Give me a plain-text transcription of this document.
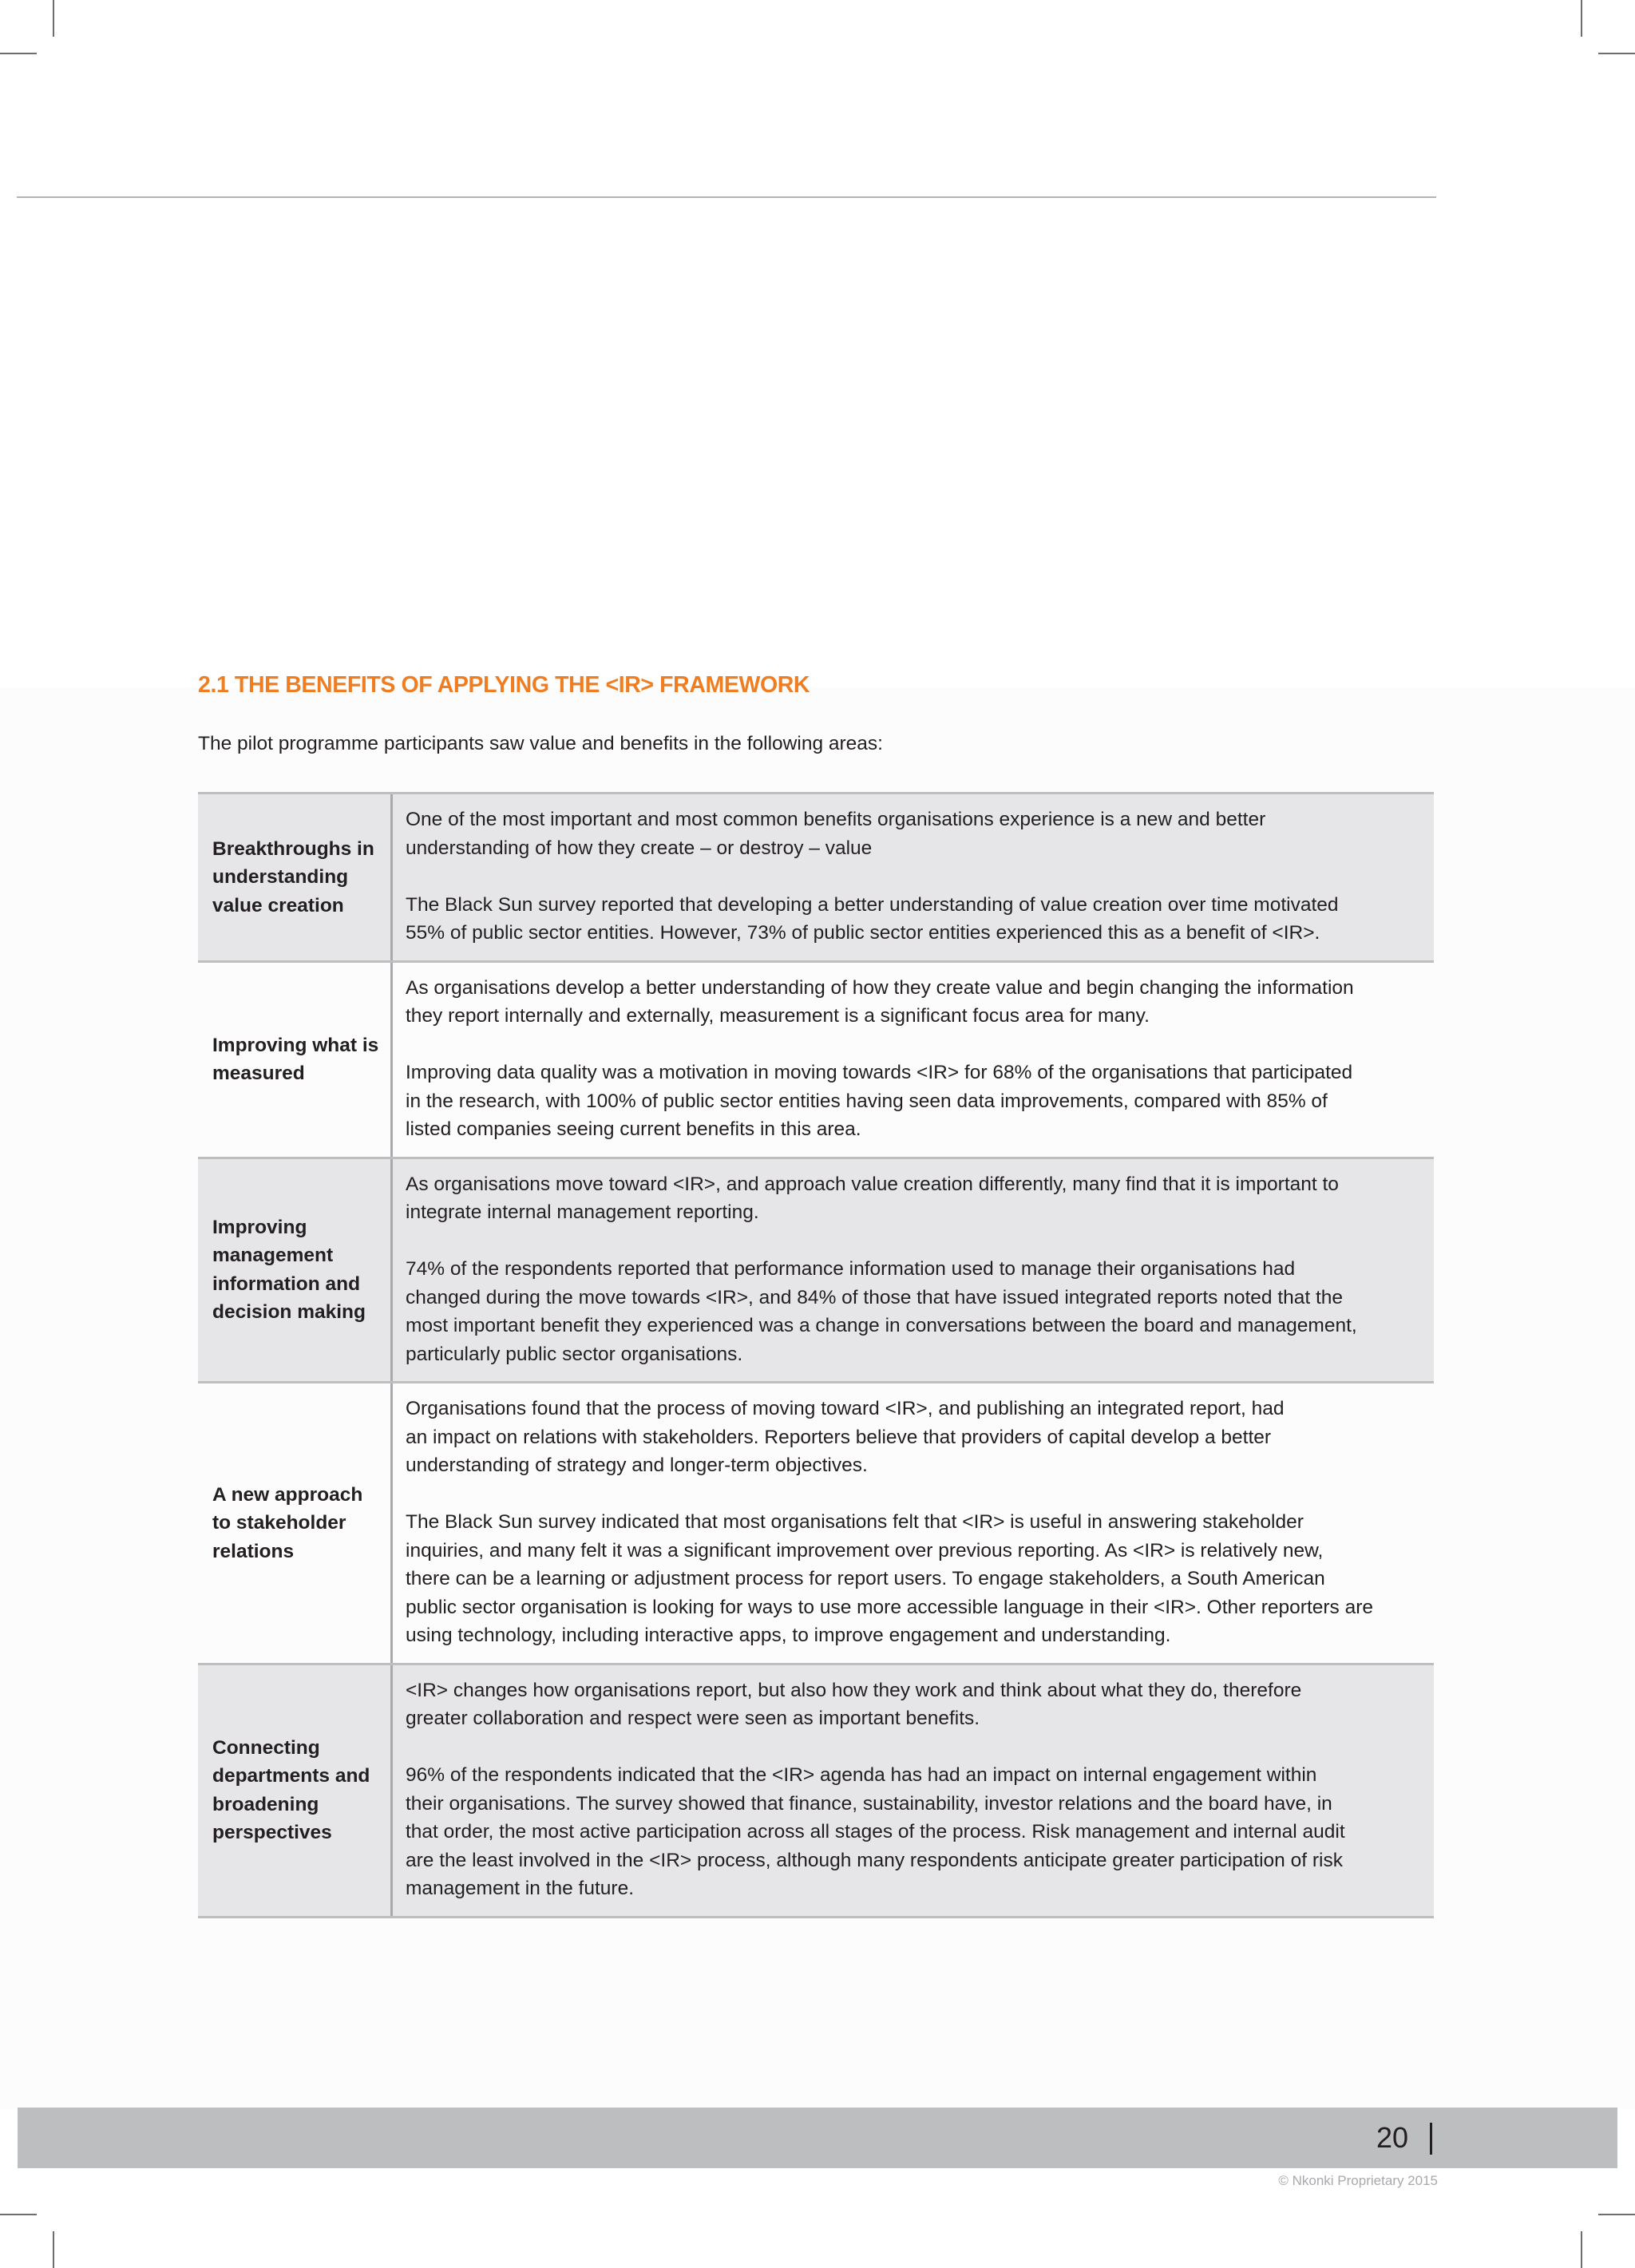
2.1 THE BENEFITS OF APPLYING THE <IR> FRAMEWORK

The pilot programme participants saw value and benefits in the following areas:

Breakthroughs in understanding value creation

One of the most important and most common benefits organisations experience is a new and better
understanding of how they create – or destroy – value

The Black Sun survey reported that developing a better understanding of value creation over time motivated
55% of public sector entities. However, 73% of public sector entities experienced this as a benefit of <IR>.

Improving what is measured

As organisations develop a better understanding of how they create value and begin changing the information
they report internally and externally, measurement is a significant focus area for many.

Improving data quality was a motivation in moving towards <IR> for 68% of the organisations that participated
in the research, with 100% of public sector entities having seen data improvements, compared with 85% of
listed companies seeing current benefits in this area.

Improving management information and decision making

As organisations move toward <IR>, and approach value creation differently, many find that it is important to
integrate internal management reporting.

74% of the respondents reported that performance information used to manage their organisations had
changed during the move towards <IR>, and 84% of those that have issued integrated reports noted that the
most important benefit they experienced was a change in conversations between the board and management,
particularly public sector organisations.

A new approach to stakeholder relations

Organisations found that the process of moving toward <IR>, and publishing an integrated report, had
an impact on relations with stakeholders. Reporters believe that providers of capital develop a better
understanding of strategy and longer-term objectives.

The Black Sun survey indicated that most organisations felt that <IR> is useful in answering stakeholder
inquiries, and many felt it was a significant improvement over previous reporting. As <IR> is relatively new,
there can be a learning or adjustment process for report users. To engage stakeholders, a South American
public sector organisation is looking for ways to use more accessible language in their <IR>. Other reporters are
using technology, including interactive apps, to improve engagement and understanding.

Connecting departments and broadening perspectives

<IR> changes how organisations report, but also how they work and think about what they do, therefore
greater collaboration and respect were seen as important benefits.

96% of the respondents indicated that the <IR> agenda has had an impact on internal engagement within
their organisations. The survey showed that finance, sustainability, investor relations and the board have, in
that order, the most active participation across all stages of the process. Risk management and internal audit
are the least involved in the <IR> process, although many respondents anticipate greater participation of risk
management in the future.

20
© Nkonki Proprietary 2015
